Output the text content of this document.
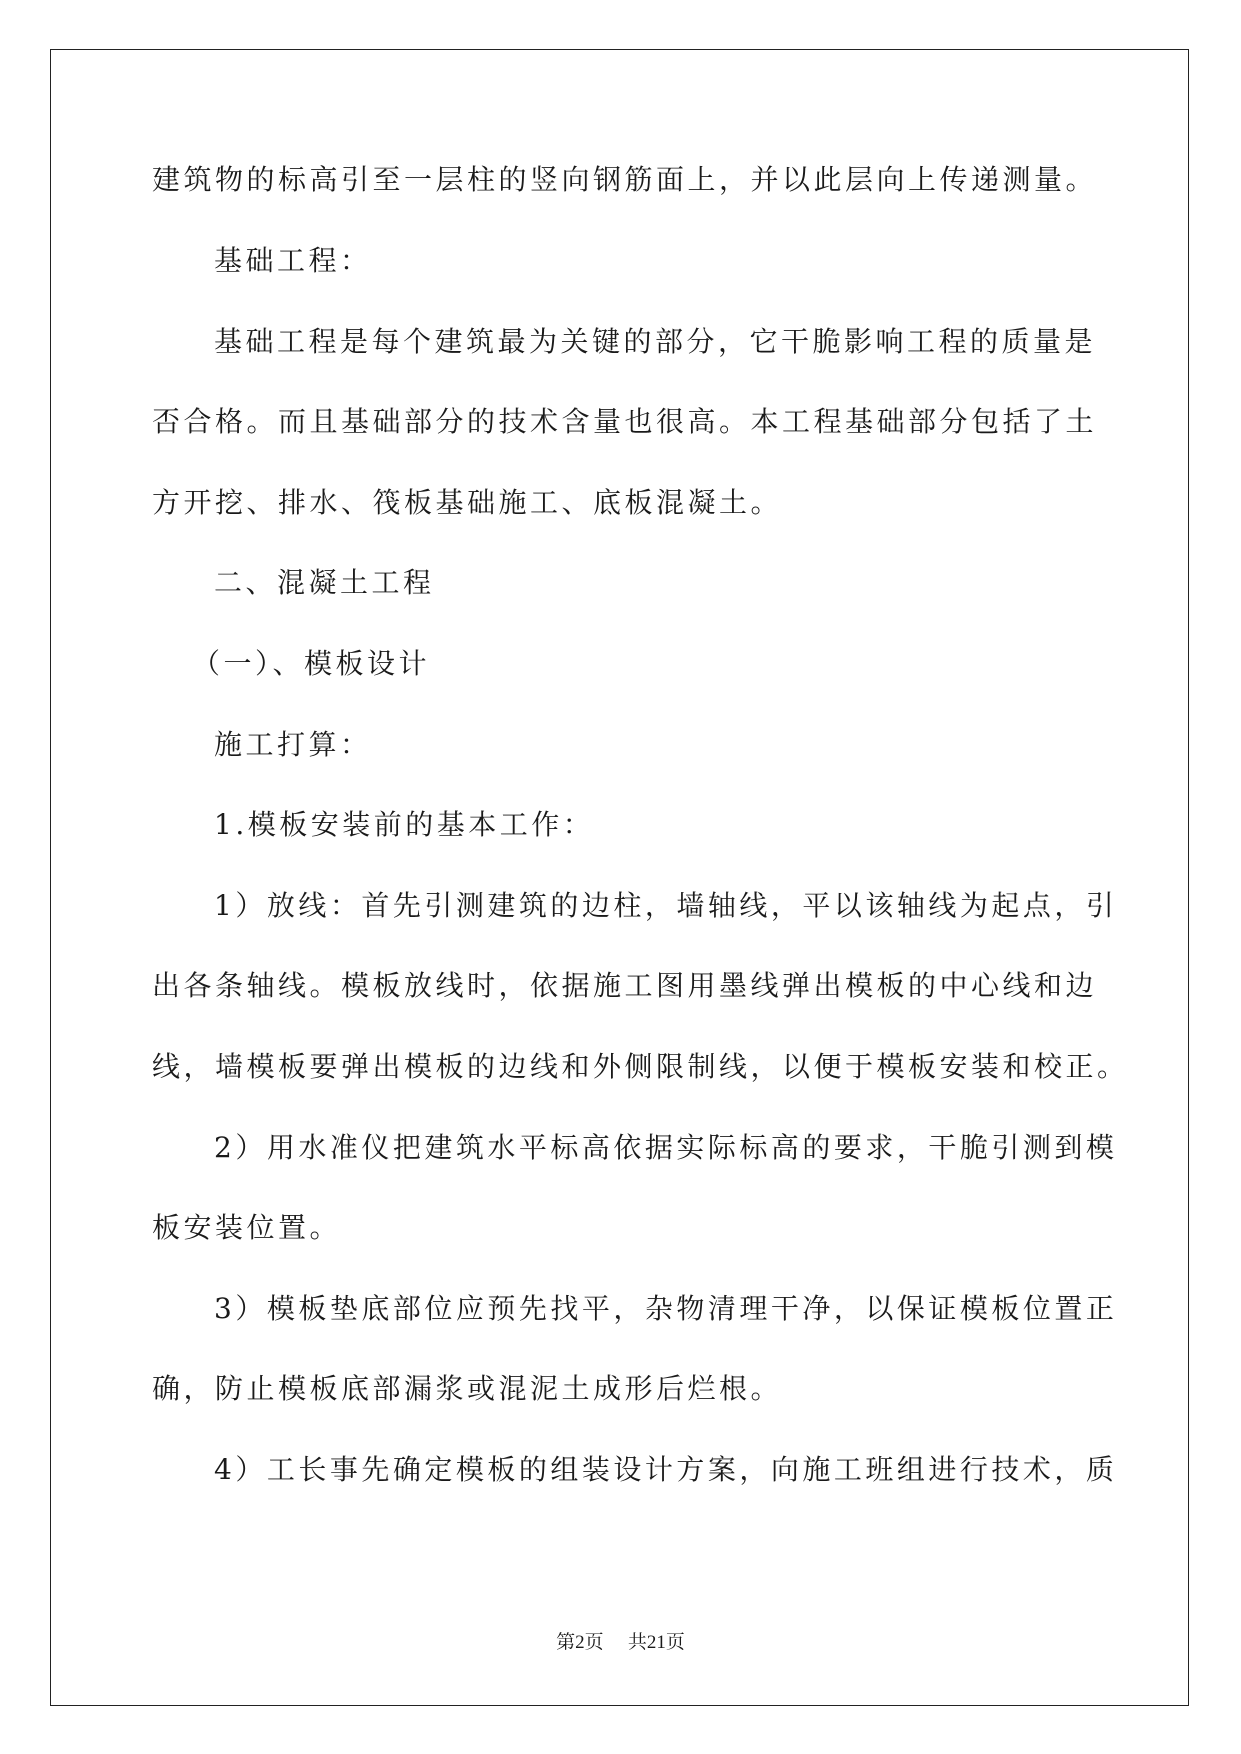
建筑物的标高引至一层柱的竖向钢筋面上，并以此层向上传递测量。
基础工程：
基础工程是每个建筑最为关键的部分，它干脆影响工程的质量是
否合格。而且基础部分的技术含量也很高。本工程基础部分包括了土
方开挖、排水、筏板基础施工、底板混凝土。
二、混凝土工程
（一）、模板设计
施工打算：
1.模板安装前的基本工作：
1）放线：首先引测建筑的边柱，墙轴线，平以该轴线为起点，引
出各条轴线。模板放线时，依据施工图用墨线弹出模板的中心线和边
线，墙模板要弹出模板的边线和外侧限制线，以便于模板安装和校正。
2）用水准仪把建筑水平标高依据实际标高的要求，干脆引测到模
板安装位置。
3）模板垫底部位应预先找平，杂物清理干净，以保证模板位置正
确，防止模板底部漏浆或混泥土成形后烂根。
4）工长事先确定模板的组装设计方案，向施工班组进行技术，质
第2页 共21页
